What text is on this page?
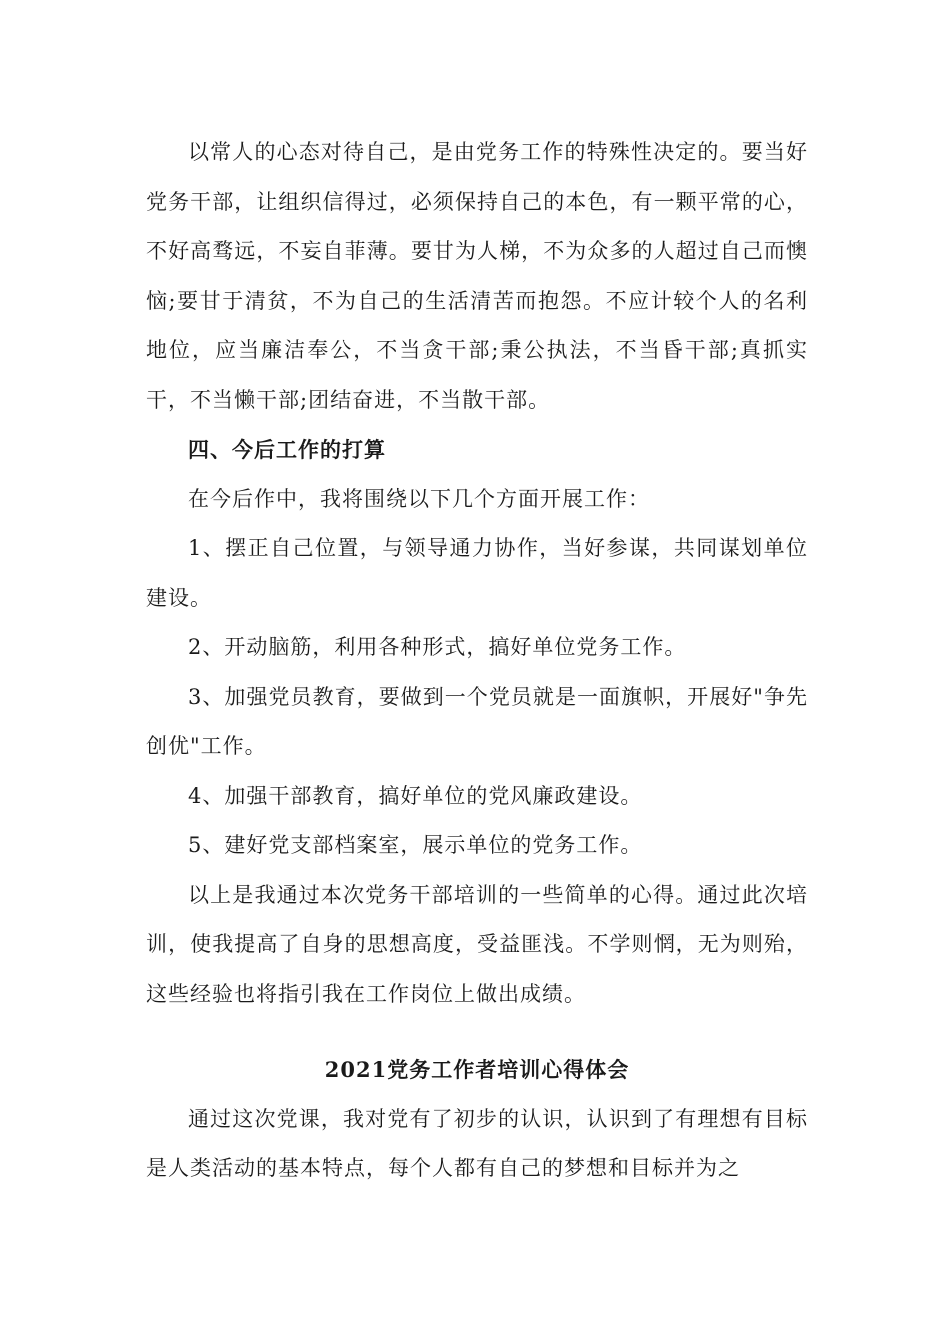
以常人的心态对待自己，是由党务工作的特殊性决定的。要当好党务干部，让组织信得过，必须保持自己的本色，有一颗平常的心，不好高骛远，不妄自菲薄。要甘为人梯，不为众多的人超过自己而懊恼;要甘于清贫，不为自己的生活清苦而抱怨。不应计较个人的名利地位，应当廉洁奉公，不当贪干部;秉公执法，不当昏干部;真抓实干，不当懒干部;团结奋进，不当散干部。

四、今后工作的打算

在今后作中，我将围绕以下几个方面开展工作：

1、摆正自己位置，与领导通力协作，当好参谋，共同谋划单位建设。

2、开动脑筋，利用各种形式，搞好单位党务工作。

3、加强党员教育，要做到一个党员就是一面旗帜，开展好"争先创优"工作。

4、加强干部教育，搞好单位的党风廉政建设。

5、建好党支部档案室，展示单位的党务工作。

以上是我通过本次党务干部培训的一些简单的心得。通过此次培训，使我提高了自身的思想高度，受益匪浅。不学则惘，无为则殆，这些经验也将指引我在工作岗位上做出成绩。

2021党务工作者培训心得体会

通过这次党课，我对党有了初步的认识，认识到了有理想有目标是人类活动的基本特点，每个人都有自己的梦想和目标并为之
